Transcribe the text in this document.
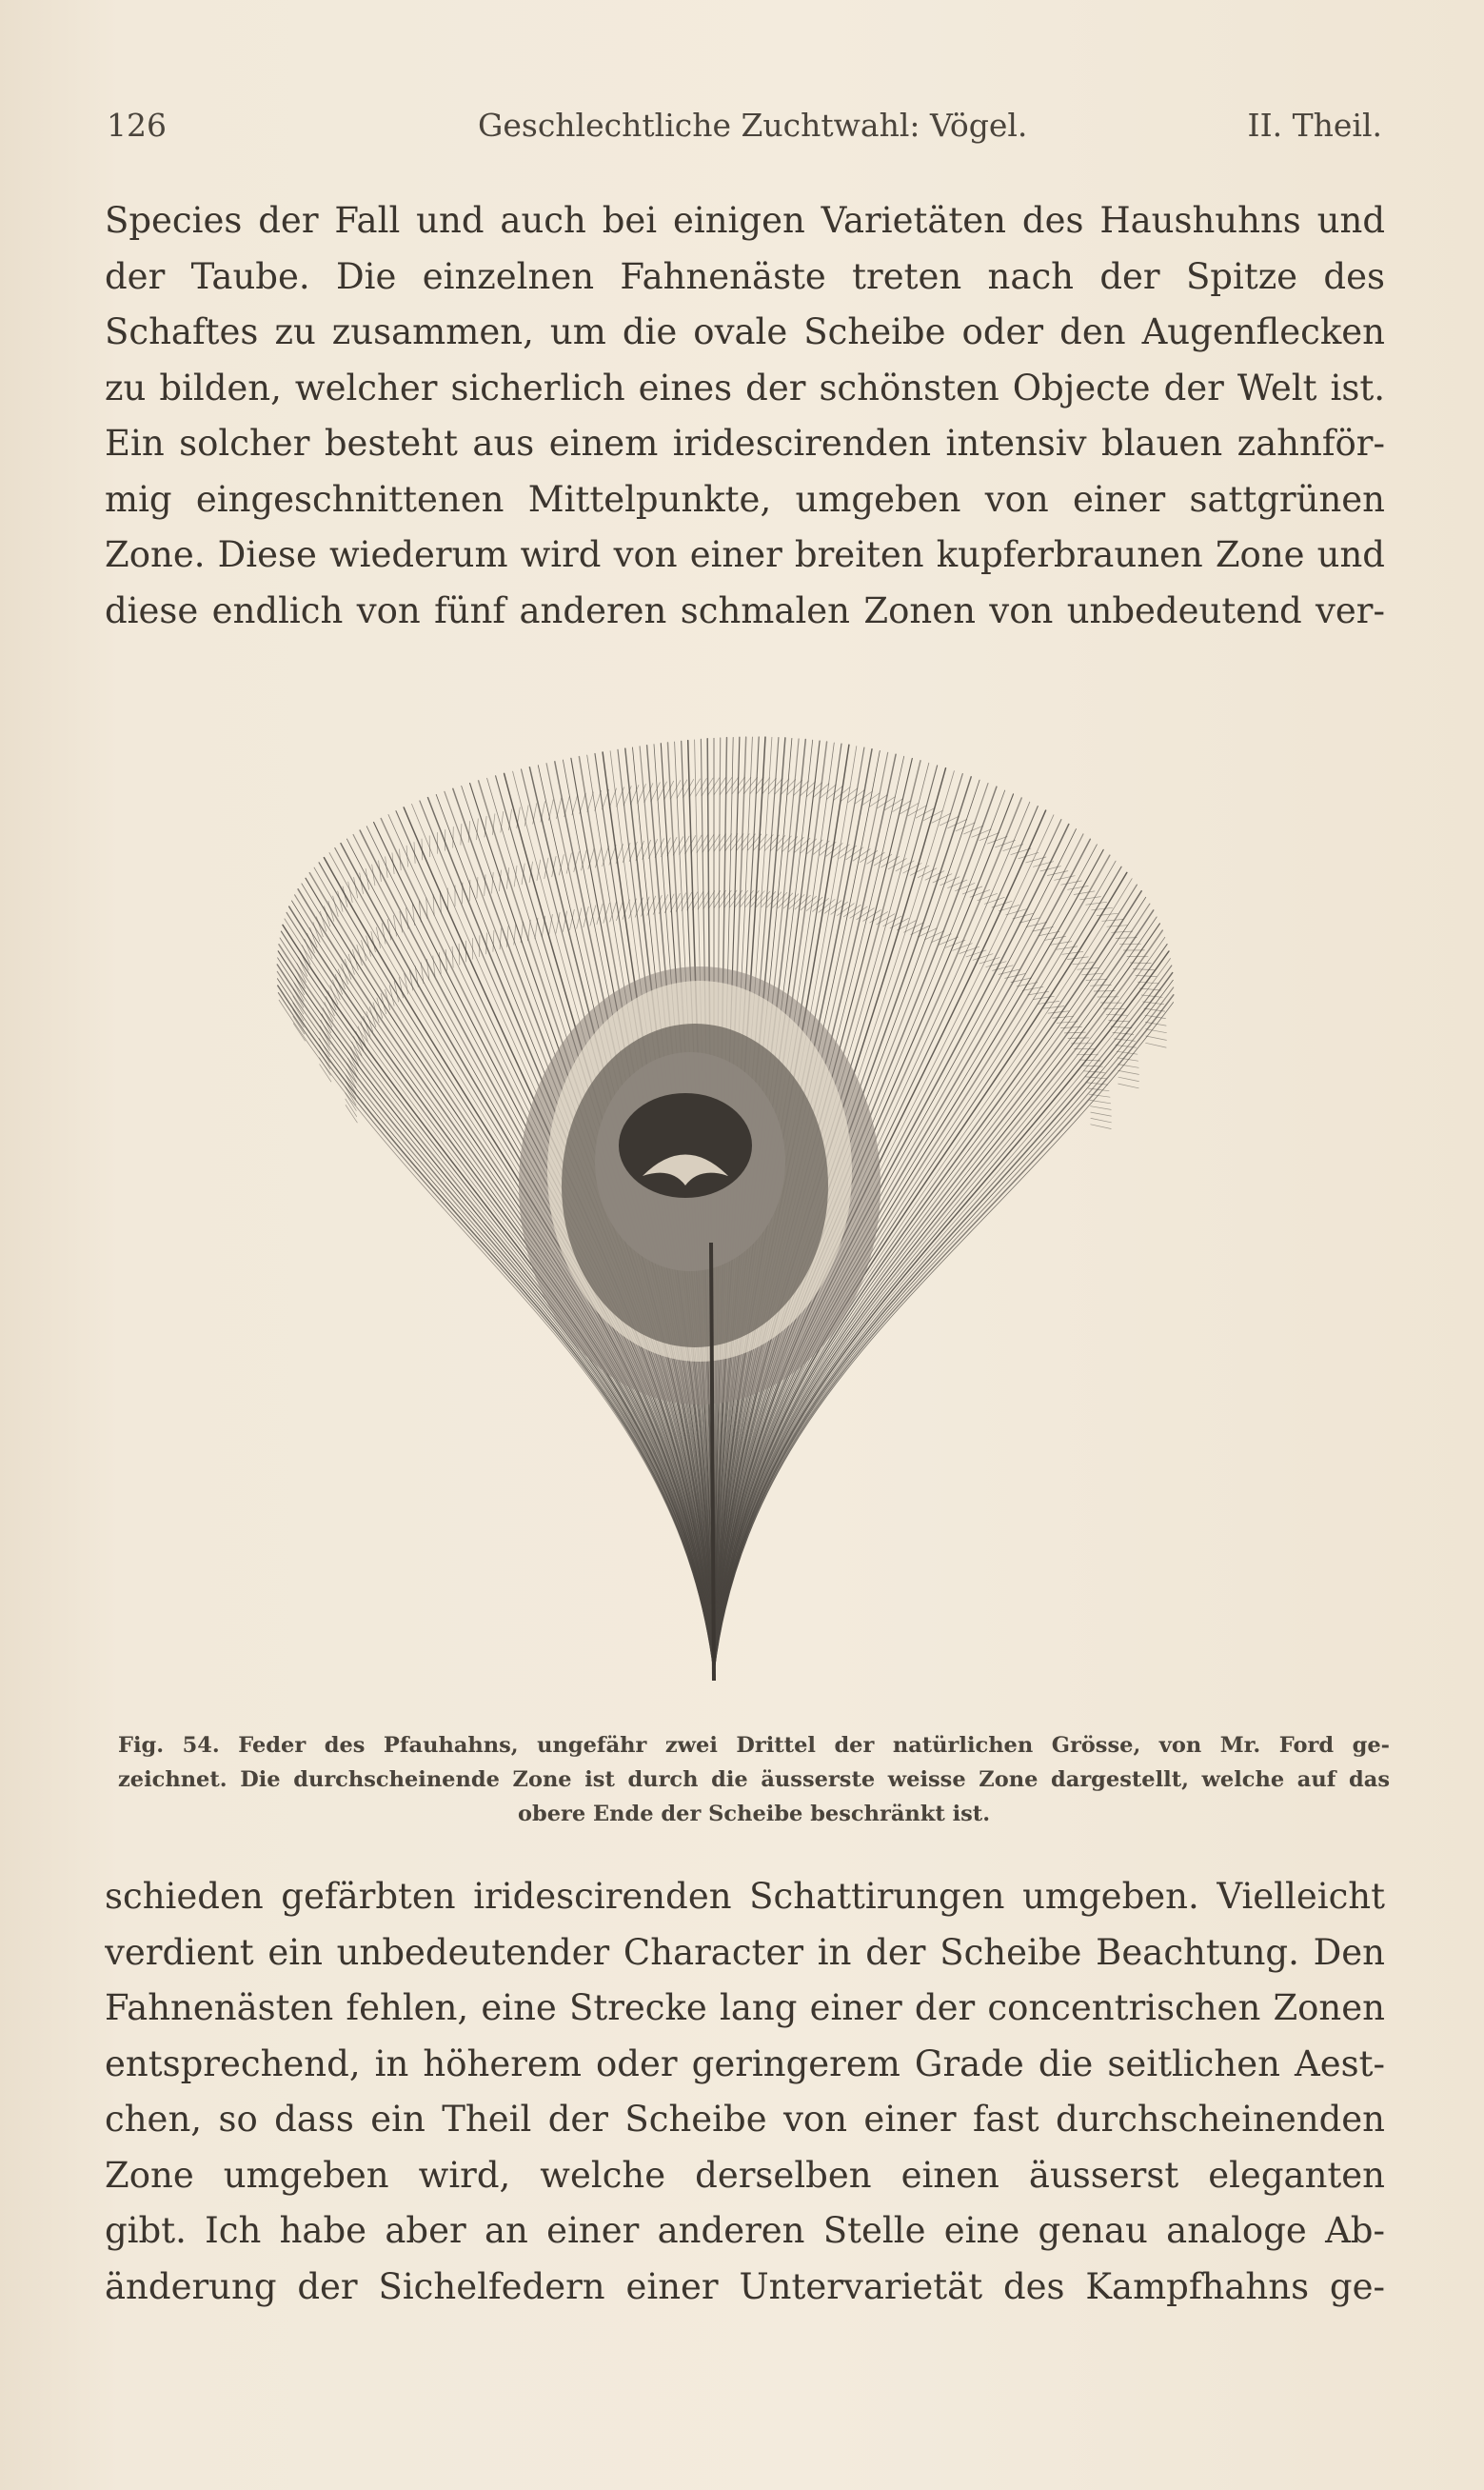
126	Geschlechtliche Zuchtwahl: Vögel.	II. Theil.
Species der Fall und auch bei einigen Varietäten des Haushuhns und
der Taube. Die einzelnen Fahnenäste treten nach der Spitze des
Schaftes zu zusammen, um die ovale Scheibe oder den Augenflecken
zu bilden, welcher sicherlich eines der schönsten Objecte der Welt ist.
Ein solcher besteht aus einem iridescirenden intensiv blauen zahnför-
mig eingeschnittenen Mittelpunkte, umgeben von einer sattgrünen
Zone. Diese wiederum wird von einer breiten kupferbraunen Zone und
diese endlich von fünf anderen schmalen Zonen von unbedeutend ver-
Fig. 54. Feder des Pfauhahns, ungefähr zwei Drittel der natürlichen Grösse, von Mr. Ford ge-
zeichnet. Die durchscheinende Zone ist durch die äusserste weisse Zone dargestellt, welche auf das
obere Ende der Scheibe beschränkt ist.
schieden gefärbten iridescirenden Schattirungen umgeben. Vielleicht
verdient ein unbedeutender Character in der Scheibe Beachtung. Den
Fahnenästen fehlen, eine Strecke lang einer der concentrischen Zonen
entsprechend, in höherem oder geringerem Grade die seitlichen Aest-
chen, so dass ein Theil der Scheibe von einer fast durchscheinenden
Zone umgeben wird, welche derselben einen äusserst eleganten
gibt. Ich habe aber an einer anderen Stelle eine genau analoge Ab-
änderung der Sichelfedern einer Untervarietät des Kampfhahns ge-
